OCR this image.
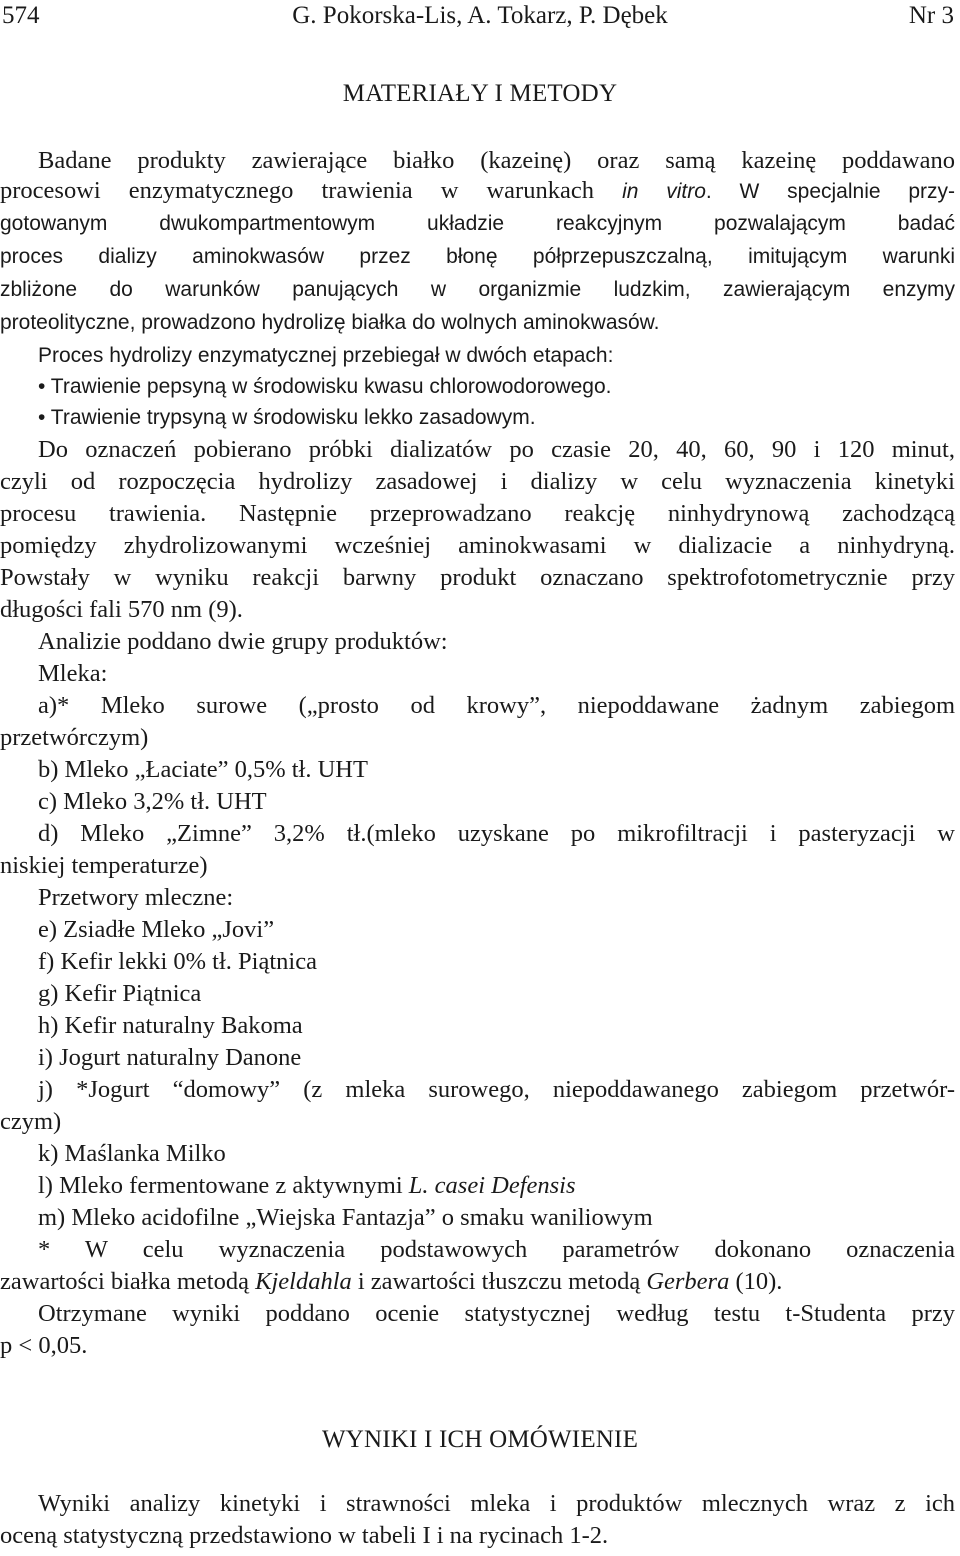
574	G. Pokorska-Lis, A. Tokarz, P. Dębek	Nr 3
MATERIAŁY I METODY

Badane produkty zawierające białko (kazeinę) oraz samą kazeinę poddawano

procesowi enzymatycznego trawienia w warunkach in vitro. W specjalnie przy-

gotowanym dwukompartmentowym układzie reakcyjnym pozwalającym badać

proces dializy aminokwasów przez błonę półprzepuszczalną, imitującym warunki

zbliżone do warunków panujących w organizmie ludzkim, zawierającym enzymy

proteolityczne, prowadzono hydrolizę białka do wolnych aminokwasów.

Proces hydrolizy enzymatycznej przebiegał w dwóch etapach:

• Trawienie pepsyną w środowisku kwasu chlorowodorowego.

• Trawienie trypsyną w środowisku lekko zasadowym.

Do oznaczeń pobierano próbki dializatów po czasie 20, 40, 60, 90 i 120 minut,

czyli od rozpoczęcia hydrolizy zasadowej i dializy w celu wyznaczenia kinetyki

procesu trawienia. Następnie przeprowadzano reakcję ninhydrynową zachodzącą

pomiędzy zhydrolizowanymi wcześniej aminokwasami w dializacie a ninhydryną.

Powstały w wyniku reakcji barwny produkt oznaczano spektrofotometrycznie przy

długości fali 570 nm (9).

Analizie poddano dwie grupy produktów:

Mleka:

a)* Mleko surowe („prosto od krowy”, niepoddawane żadnym zabiegom

przetwórczym)

b) Mleko „Łaciate” 0,5% tł. UHT

c) Mleko 3,2% tł. UHT

d) Mleko „Zimne” 3,2% tł.(mleko uzyskane po mikrofiltracji i pasteryzacji w

niskiej temperaturze)

Przetwory mleczne:

e) Zsiadłe Mleko „Jovi”

f) Kefir lekki 0% tł. Piątnica

g) Kefir Piątnica

h) Kefir naturalny Bakoma

i) Jogurt naturalny Danone

j) *Jogurt “domowy” (z mleka surowego, niepoddawanego zabiegom przetwór-

czym)

k) Maślanka Milko

l) Mleko fermentowane z aktywnymi L. casei Defensis

m) Mleko acidofilne „Wiejska Fantazja” o smaku waniliowym

* W celu wyznaczenia podstawowych parametrów dokonano oznaczenia

zawartości białka metodą Kjeldahla i zawartości tłuszczu metodą Gerbera (10).

Otrzymane wyniki poddano ocenie statystycznej według testu t-Studenta przy

p < 0,05.

WYNIKI I ICH OMÓWIENIE

Wyniki analizy kinetyki i strawności mleka i produktów mlecznych wraz z ich

oceną statystyczną przedstawiono w tabeli I i na rycinach 1-2.
